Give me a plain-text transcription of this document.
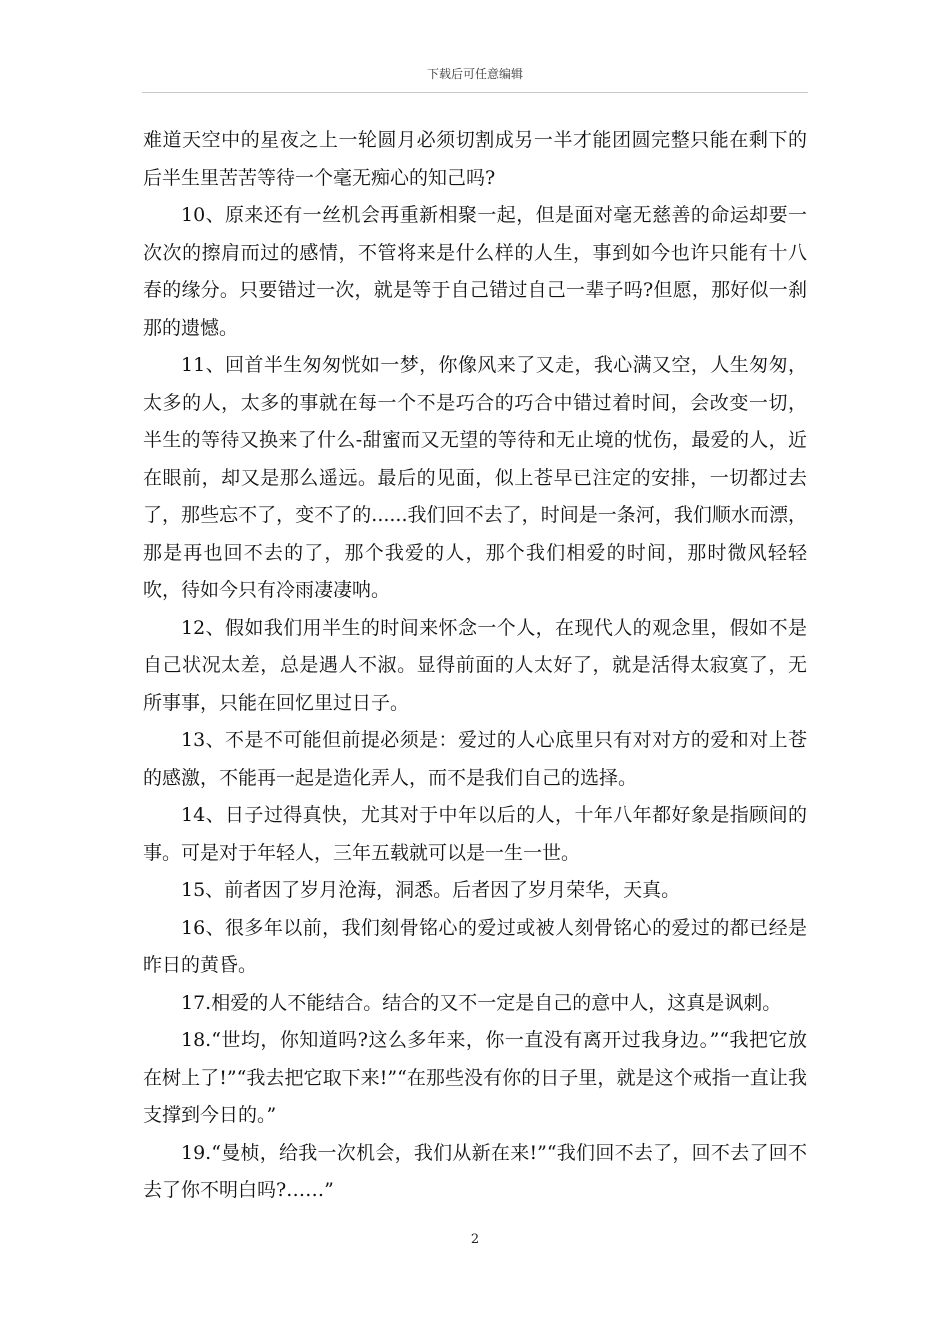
下载后可任意编辑

难道天空中的星夜之上一轮圆月必须切割成另一半才能团圆完整只能在剩下的后半生里苦苦等待一个毫无痴心的知己吗?

10、原来还有一丝机会再重新相聚一起，但是面对毫无慈善的命运却要一次次的擦肩而过的感情，不管将来是什么样的人生，事到如今也许只能有十八春的缘分。只要错过一次，就是等于自己错过自己一辈子吗?但愿，那好似一刹那的遗憾。

11、回首半生匆匆恍如一梦，你像风来了又走，我心满又空，人生匆匆，太多的人，太多的事就在每一个不是巧合的巧合中错过着时间，会改变一切，半生的等待又换来了什么-甜蜜而又无望的等待和无止境的忧伤，最爱的人，近在眼前，却又是那么遥远。最后的见面，似上苍早已注定的安排，一切都过去了，那些忘不了，变不了的......我们回不去了，时间是一条河，我们顺水而漂，那是再也回不去的了，那个我爱的人，那个我们相爱的时间，那时微风轻轻吹，待如今只有冷雨凄凄呐。

12、假如我们用半生的时间来怀念一个人，在现代人的观念里，假如不是自己状况太差，总是遇人不淑。显得前面的人太好了，就是活得太寂寞了，无所事事，只能在回忆里过日子。

13、不是不可能但前提必须是：爱过的人心底里只有对对方的爱和对上苍的感激，不能再一起是造化弄人，而不是我们自己的选择。

14、日子过得真快，尤其对于中年以后的人，十年八年都好象是指顾间的事。可是对于年轻人，三年五载就可以是一生一世。

15、前者因了岁月沧海，洞悉。后者因了岁月荣华，天真。

16、很多年以前，我们刻骨铭心的爱过或被人刻骨铭心的爱过的都已经是昨日的黄昏。

17.相爱的人不能结合。结合的又不一定是自己的意中人，这真是讽刺。

18.“世均，你知道吗?这么多年来，你一直没有离开过我身边。”“我把它放在树上了!”“我去把它取下来!”“在那些没有你的日子里，就是这个戒指一直让我支撑到今日的。”

19.“曼桢，给我一次机会，我们从新在来!”“我们回不去了，回不去了回不去了你不明白吗?……”

2
